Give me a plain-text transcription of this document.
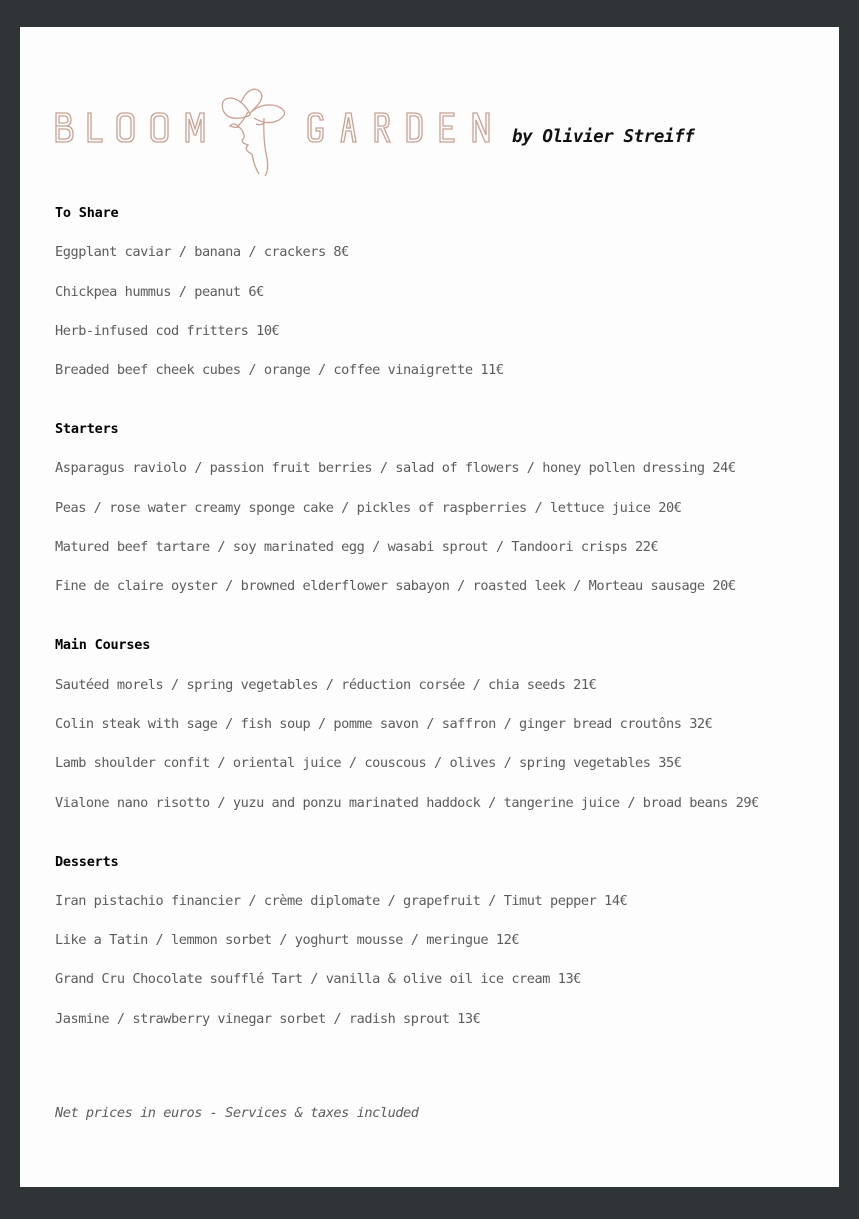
by Olivier Streiff
To Share
Eggplant caviar / banana / crackers 8€
Chickpea hummus / peanut 6€
Herb-infused cod fritters 10€
Breaded beef cheek cubes / orange / coffee vinaigrette 11€
Starters
Asparagus raviolo / passion fruit berries / salad of flowers / honey pollen dressing 24€
Peas / rose water creamy sponge cake / pickles of raspberries / lettuce juice 20€
Matured beef tartare / soy marinated egg / wasabi sprout / Tandoori crisps 22€
Fine de claire oyster / browned elderflower sabayon / roasted leek / Morteau sausage 20€
Main Courses
Sautéed morels / spring vegetables / réduction corsée / chia seeds 21€
Colin steak with sage / fish soup / pomme savon / saffron / ginger bread croutôns 32€
Lamb shoulder confit / oriental juice / couscous / olives / spring vegetables 35€
Vialone nano risotto / yuzu and ponzu marinated haddock / tangerine juice / broad beans 29€
Desserts
Iran pistachio financier / crème diplomate / grapefruit / Timut pepper 14€
Like a Tatin / lemmon sorbet / yoghurt mousse / meringue 12€
Grand Cru Chocolate soufflé Tart / vanilla & olive oil ice cream 13€
Jasmine / strawberry vinegar sorbet / radish sprout 13€
Net prices in euros - Services & taxes included
